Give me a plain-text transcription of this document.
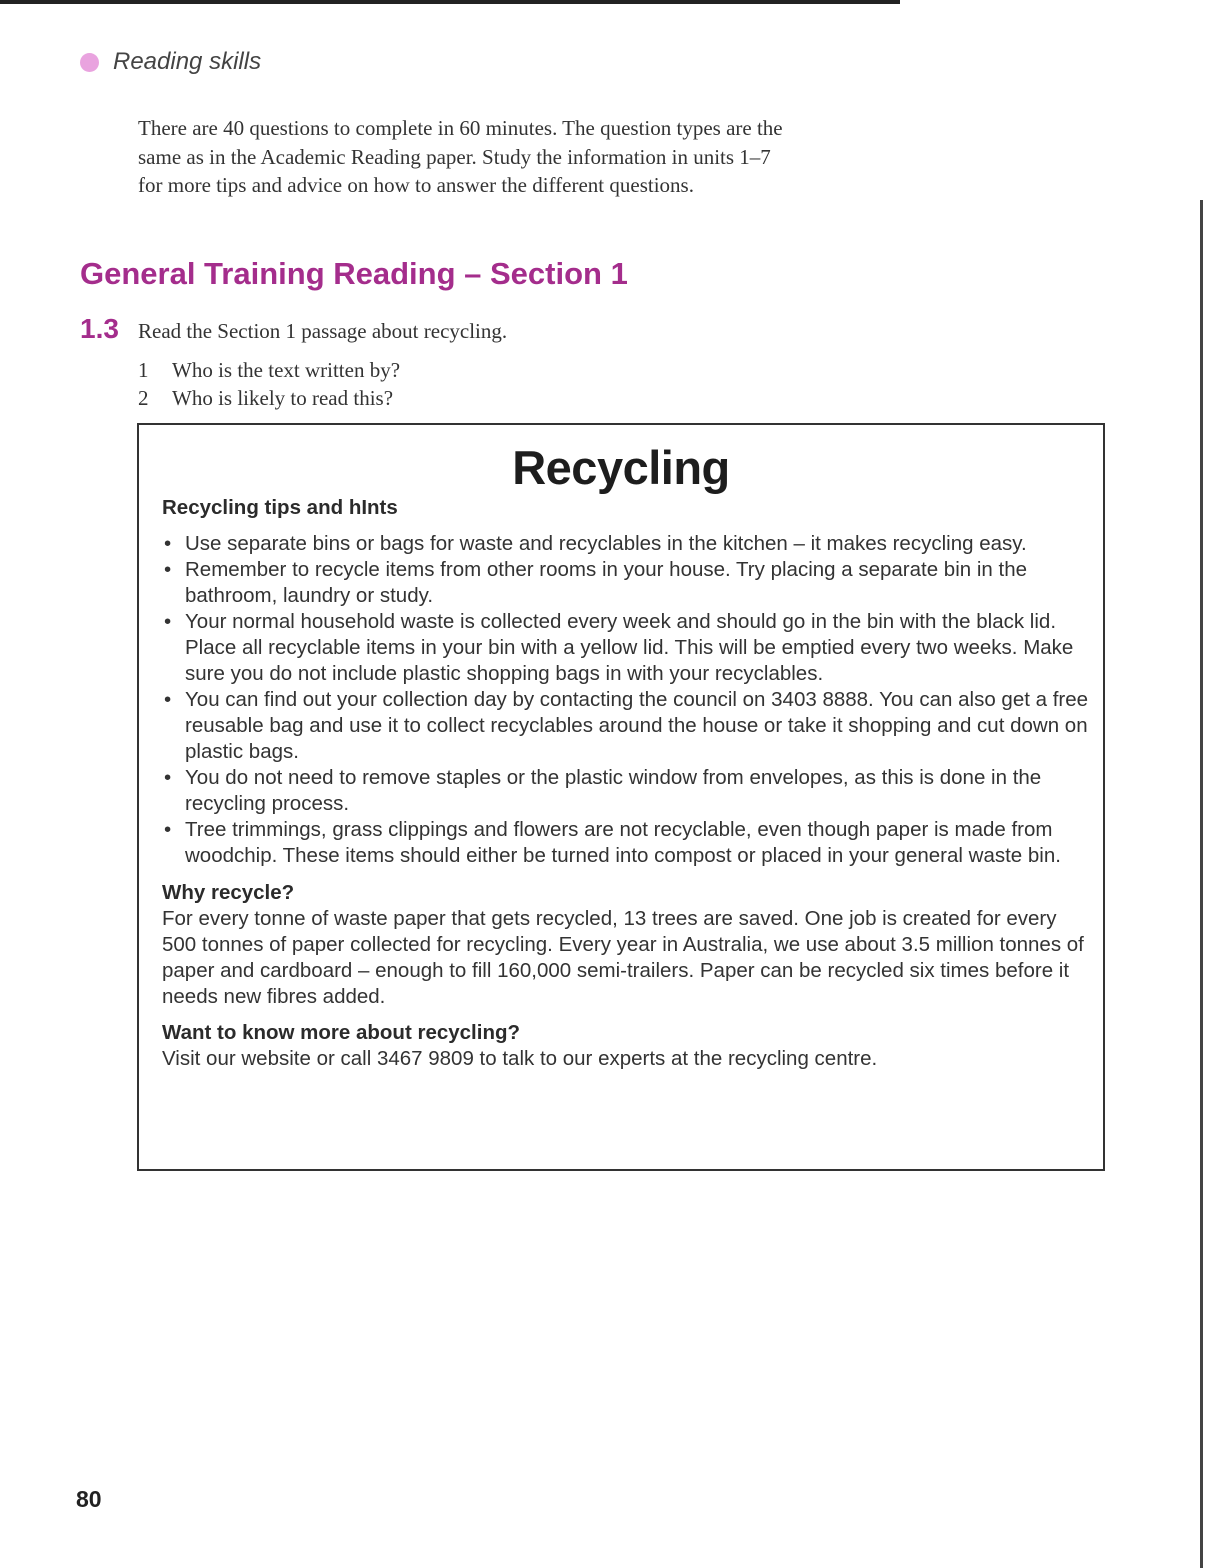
Reading skills
There are 40 questions to complete in 60 minutes. The question types are the same as in the Academic Reading paper. Study the information in units 1–7 for more tips and advice on how to answer the different questions.
General Training Reading – Section 1
1.3 Read the Section 1 passage about recycling.
1	Who is the text written by?
2	Who is likely to read this?
Recycling
Recycling tips and hInts
• Use separate bins or bags for waste and recyclables in the kitchen – it makes recycling easy.
• Remember to recycle items from other rooms in your house. Try placing a separate bin in the bathroom, laundry or study.
• Your normal household waste is collected every week and should go in the bin with the black lid. Place all recyclable items in your bin with a yellow lid. This will be emptied every two weeks. Make sure you do not include plastic shopping bags in with your recyclables.
• You can find out your collection day by contacting the council on 3403 8888. You can also get a free reusable bag and use it to collect recyclables around the house or take it shopping and cut down on plastic bags.
• You do not need to remove staples or the plastic window from envelopes, as this is done in the recycling process.
• Tree trimmings, grass clippings and flowers are not recyclable, even though paper is made from woodchip. These items should either be turned into compost or placed in your general waste bin.
Why recycle?
For every tonne of waste paper that gets recycled, 13 trees are saved. One job is created for every 500 tonnes of paper collected for recycling. Every year in Australia, we use about 3.5 million tonnes of paper and cardboard – enough to fill 160,000 semi-trailers. Paper can be recycled six times before it needs new fibres added.
Want to know more about recycling?
Visit our website or call 3467 9809 to talk to our experts at the recycling centre.
80
